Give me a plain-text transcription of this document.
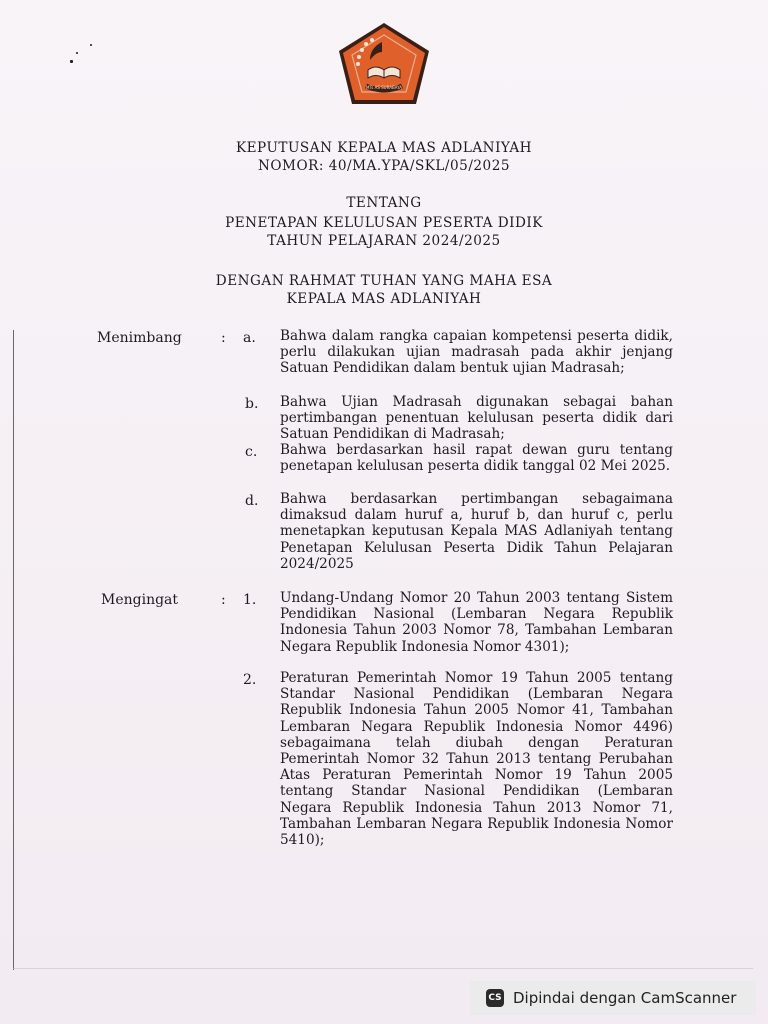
MTs AS SURABAYA
KEPUTUSAN KEPALA MAS ADLANIYAH
NOMOR: 40/MA.YPA/SKL/05/2025
TENTANG
PENETAPAN KELULUSAN PESERTA DIDIK
TAHUN PELAJARAN 2024/2025
DENGAN RAHMAT TUHAN YANG MAHA ESA
KEPALA MAS ADLANIYAH
Menimbang	: a. Bahwa dalam rangka capaian kompetensi peserta didik, perlu dilakukan ujian madrasah pada akhir jenjang Satuan Pendidikan dalam bentuk ujian Madrasah;
b. Bahwa Ujian Madrasah digunakan sebagai bahan pertimbangan penentuan kelulusan peserta didik dari Satuan Pendidikan di Madrasah;
c. Bahwa berdasarkan hasil rapat dewan guru tentang penetapan kelulusan peserta didik tanggal 02 Mei 2025.
d. Bahwa berdasarkan pertimbangan sebagaimana dimaksud dalam huruf a, huruf b, dan huruf c, perlu menetapkan keputusan Kepala MAS Adlaniyah tentang Penetapan Kelulusan Peserta Didik Tahun Pelajaran 2024/2025
Mengingat	: 1. Undang-Undang Nomor 20 Tahun 2003 tentang Sistem Pendidikan Nasional (Lembaran Negara Republik Indonesia Tahun 2003 Nomor 78, Tambahan Lembaran Negara Republik Indonesia Nomor 4301);
2. Peraturan Pemerintah Nomor 19 Tahun 2005 tentang Standar Nasional Pendidikan (Lembaran Negara Republik Indonesia Tahun 2005 Nomor 41, Tambahan Lembaran Negara Republik Indonesia Nomor 4496) sebagaimana telah diubah dengan Peraturan Pemerintah Nomor 32 Tahun 2013 tentang Perubahan Atas Peraturan Pemerintah Nomor 19 Tahun 2005 tentang Standar Nasional Pendidikan (Lembaran Negara Republik Indonesia Tahun 2013 Nomor 71, Tambahan Lembaran Negara Republik Indonesia Nomor 5410);
CS Dipindai dengan CamScanner
